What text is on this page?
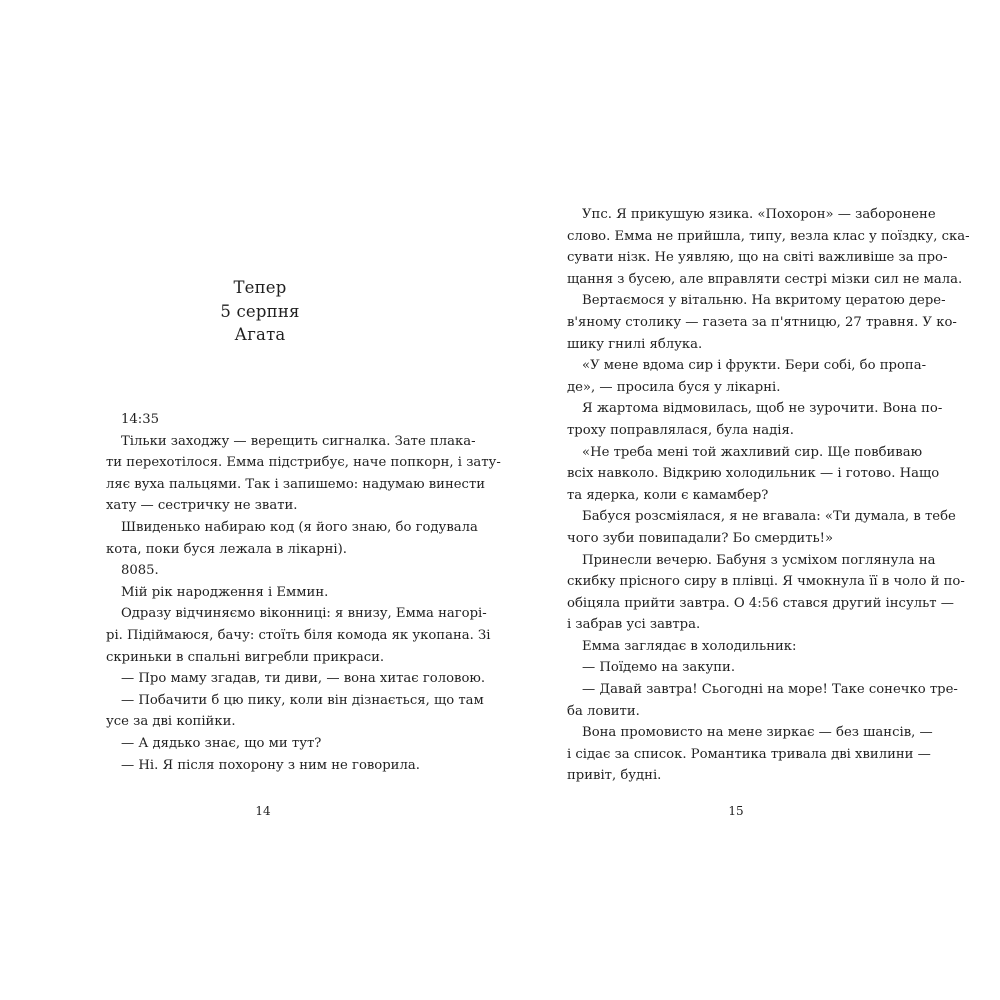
Тепер
5 серпня
Агата
14:35
Тільки заходжу — верещить сигналка. Зате плака-
ти перехотілося. Емма підстрибує, наче попкорн, і зату-
ляє вуха пальцями. Так і запишемо: надумаю винести
хату — сестричку не звати.
Швиденько набираю код (я його знаю, бо годувала
кота, поки буся лежала в лікарні).
8085.
Мій рік народження і Еммин.
Одразу відчиняємо віконниці: я внизу, Емма нагорі-
рі. Підіймаюся, бачу: стоїть біля комода як укопана. Зі
скриньки в спальні вигребли прикраси.
— Про маму згадав, ти диви, — вона хитає головою.
— Побачити б цю пику, коли він дізнається, що там
усе за дві копійки.
— А дядько знає, що ми тут?
— Ні. Я після похорону з ним не говорила.
14
Упс. Я прикушую язика. «Похорон» — заборонене
слово. Емма не прийшла, типу, везла клас у поїздку, ска-
сувати нізк. Не уявляю, що на світі важливіше за про-
щання з бусею, але вправляти сестрі мізки сил не мала.
Вертаємося у вітальню. На вкритому цератою дере-
в'яному столику — газета за п'ятницю, 27 травня. У ко-
шику гнилі яблука.
«У мене вдома сир і фрукти. Бери собі, бо пропа-
де», — просила буся у лікарні.
Я жартома відмовилась, щоб не зурочити. Вона по-
троху поправлялася, була надія.
«Не треба мені той жахливий сир. Ще повбиваю
всіх навколо. Відкрию холодильник — і готово. Нащо
та ядерка, коли є камамбер?
Бабуся розсміялася, я не вгавала: «Ти думала, в тебе
чого зуби повипадали? Бо смердить!»
Принесли вечерю. Бабуня з усміхом поглянула на
скибку прісного сиру в плівці. Я чмокнула її в чоло й по-
обіцяла прийти завтра. О 4:56 стався другий інсульт —
і забрав усі завтра.
Емма заглядає в холодильник:
— Поїдемо на закупи.
— Давай завтра! Сьогодні на море! Таке сонечко тре-
ба ловити.
Вона промовисто на мене зиркає — без шансів, —
і сідає за список. Романтика тривала дві хвилини —
привіт, будні.
15
